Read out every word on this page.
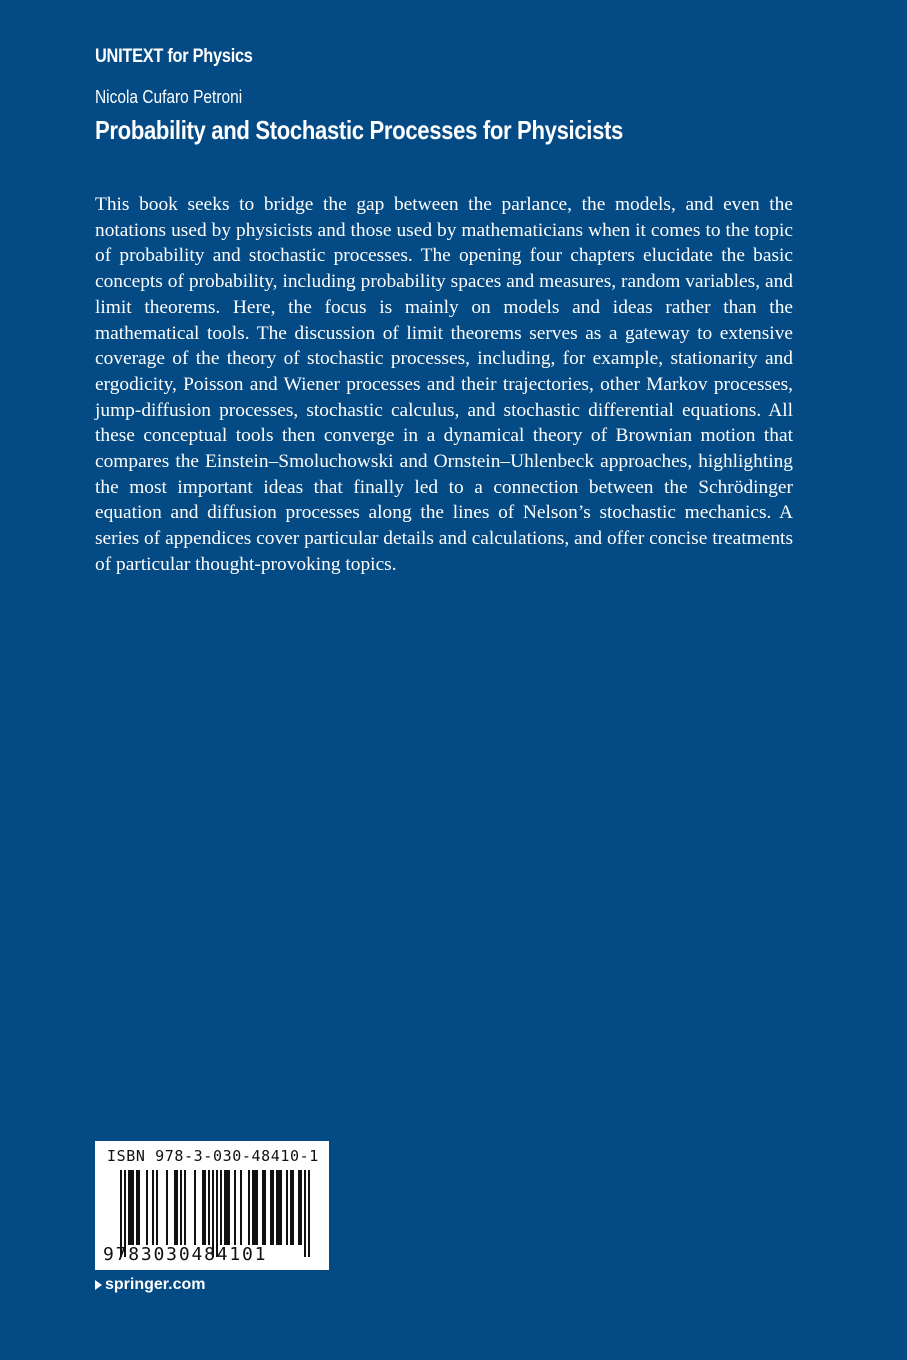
UNITEXT for Physics
Nicola Cufaro Petroni
Probability and Stochastic Processes for Physicists

This book seeks to bridge the gap between the parlance, the models, and even the notations used by physicists and those used by mathematicians when it comes to the topic of probability and stochastic processes. The opening four chapters elucidate the basic concepts of probability, including probability spaces and measures, random variables, and limit theorems. Here, the focus is mainly on models and ideas rather than the mathematical tools. The discussion of limit theorems serves as a gateway to extensive coverage of the theory of stochastic processes, including, for example, stationarity and ergodicity, Poisson and Wiener processes and their trajectories, other Markov processes, jump-diffusion processes, stochastic calculus, and stochastic differential equations. All these conceptual tools then converge in a dynamical theory of Brownian motion that compares the Einstein–Smoluchowski and Ornstein–Uhlenbeck approaches, highlighting the most important ideas that finally led to a connection between the Schrödinger equation and diffusion processes along the lines of Nelson’s stochastic mechanics. A series of appendices cover particular details and calculations, and offer concise treatments of particular thought-provoking topics.

ISBN 978-3-030-48410-1
9783030484101
springer.com
